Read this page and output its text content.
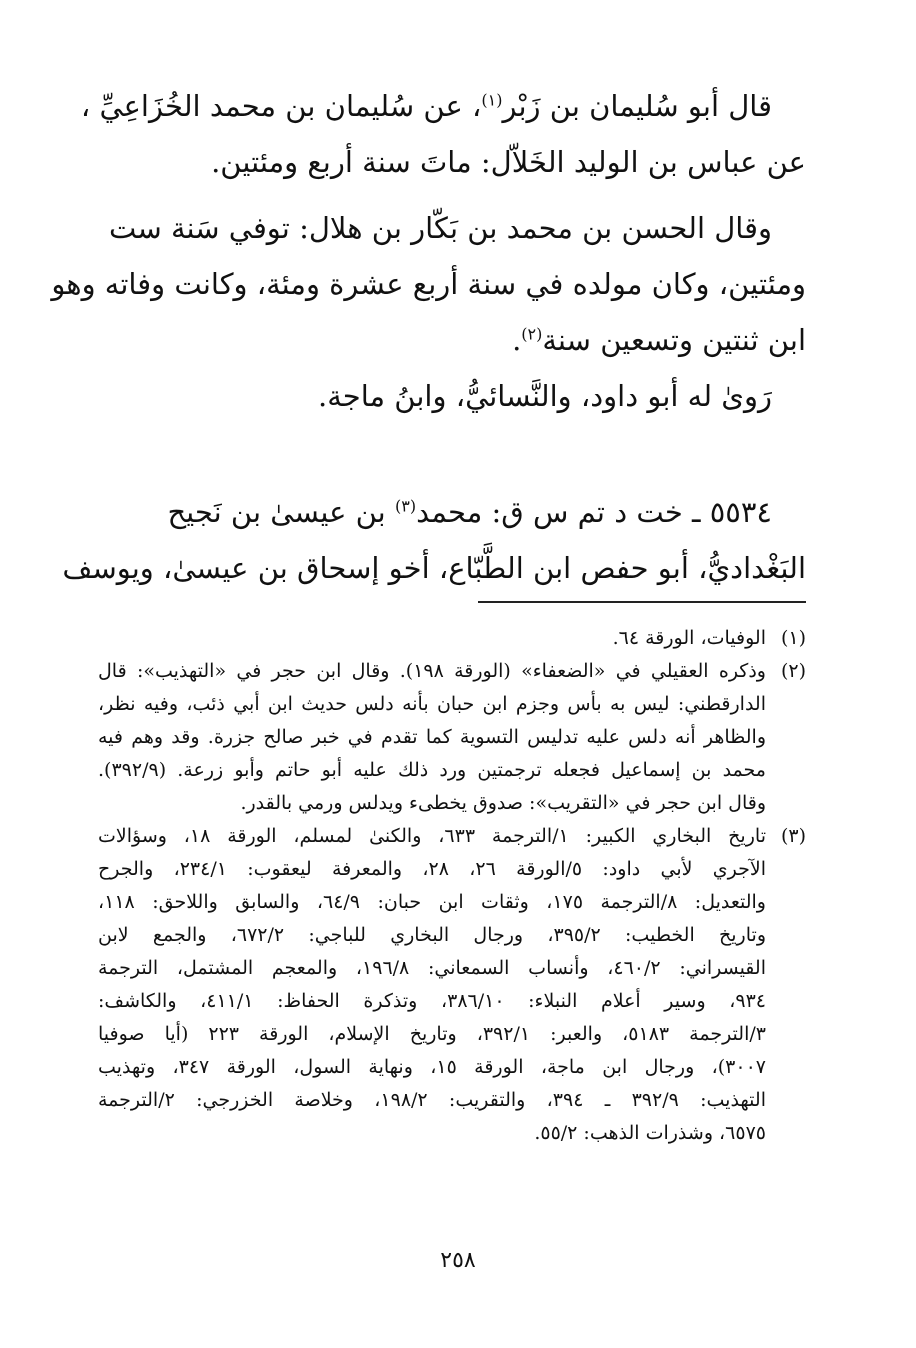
قال أبو سُليمان بن زَبْر$^{(١)}$، عن سُليمان بن محمد الخُزَاعِيِّ ،

عن عباس بن الوليد الخَلاّل: ماتَ سنة أربع ومئتين.

وقال الحسن بن محمد بن بَكّار بن هلال: توفي سَنة ست

ومئتين، وكان مولده في سنة أربع عشرة ومئة، وكانت وفاته وهو

ابن ثنتين وتسعين سنة$^{(٢)}$.

رَوىٰ له أبو داود، والنَّسائيُّ، وابنُ ماجة.

٥٥٣٤ ـ خت د تم س ق: محمد$^{(٣)}$ بن عيسىٰ بن نَجيح

البَغْداديُّ، أبو حفص ابن الطَّبّاع، أخو إسحاق بن عيسىٰ، ويوسف

(١)
الوفيات، الورقة ٦٤.
(٢)
وذكره العقيلي في «الضعفاء» (الورقة ١٩٨). وقال ابن حجر في «التهذيب»: قال
الدارقطني: ليس به بأس وجزم ابن حبان بأنه دلس حديث ابن أبي ذئب، وفيه نظر،
والظاهر أنه دلس عليه تدليس التسوية كما تقدم في خبر صالح جزرة. وقد وهم فيه
محمد بن إسماعيل فجعله ترجمتين ورد ذلك عليه أبو حاتم وأبو زرعة. (٣٩٢/٩).
وقال ابن حجر في «التقريب»: صدوق يخطىء ويدلس ورمي بالقدر.
(٣)
تاريخ البخاري الكبير: ١/الترجمة ٦٣٣، والكنىٰ لمسلم، الورقة ١٨، وسؤالات
الآجري لأبي داود: ٥/الورقة ٢٦، ٢٨، والمعرفة ليعقوب: ٢٣٤/١، والجرح
والتعديل: ٨/الترجمة ١٧٥، وثقات ابن حبان: ٦٤/٩، والسابق واللاحق: ١١٨،
وتاريخ الخطيب: ٣٩٥/٢، ورجال البخاري للباجي: ٦٧٢/٢، والجمع لابن
القيسراني: ٤٦٠/٢، وأنساب السمعاني: ١٩٦/٨، والمعجم المشتمل، الترجمة
٩٣٤، وسير أعلام النبلاء: ٣٨٦/١٠، وتذكرة الحفاظ: ٤١١/١، والكاشف:
٣/الترجمة ٥١٨٣، والعبر: ٣٩٢/١، وتاريخ الإسلام، الورقة ٢٢٣ (أيا صوفيا
٣٠٠٧)، ورجال ابن ماجة، الورقة ١٥، ونهاية السول، الورقة ٣٤٧، وتهذيب
التهذيب: ٣٩٢/٩ ـ ٣٩٤، والتقريب: ١٩٨/٢، وخلاصة الخزرجي: ٢/الترجمة
٦٥٧٥، وشذرات الذهب: ٥٥/٢.
٢٥٨
